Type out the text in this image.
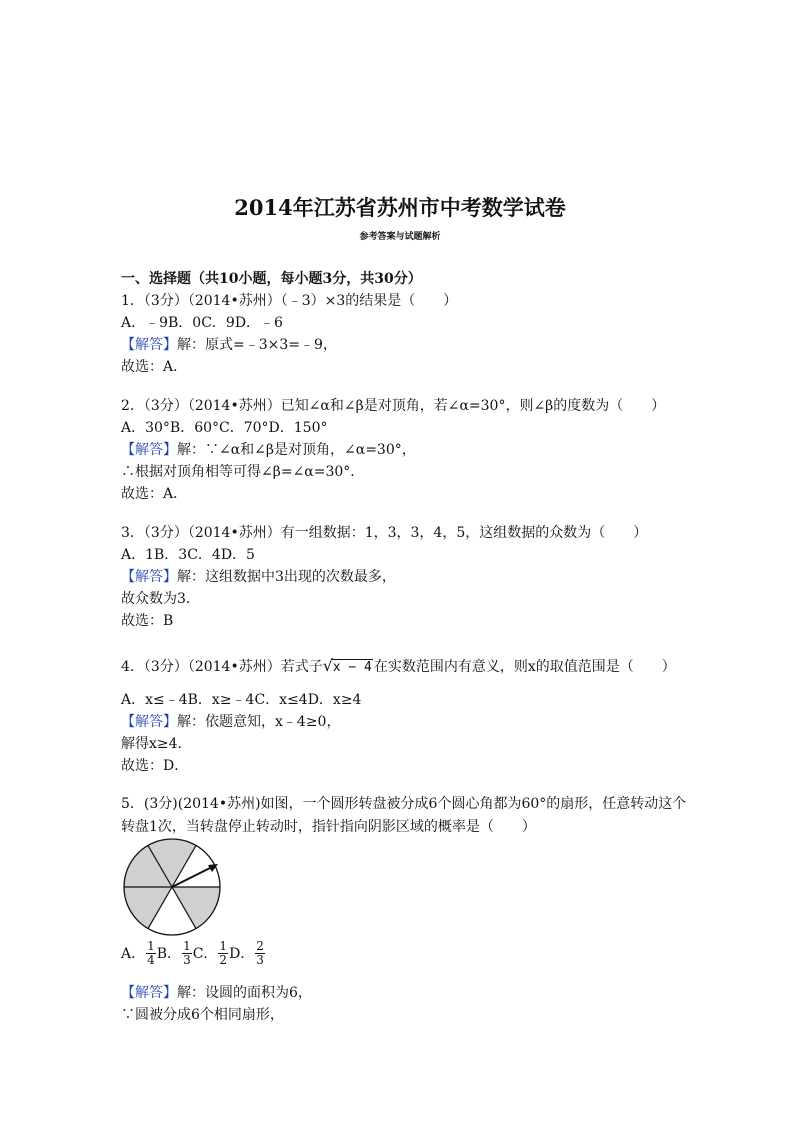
2014年江苏省苏州市中考数学试卷
参考答案与试题解析
一、选择题（共10小题，每小题3分，共30分）
1．（3分）（2014•苏州）（﹣3）×3的结果是（　　）
A．﹣9B．0C．9D．﹣6
【解答】解：原式=﹣3×3=﹣9，
故选：A．
2．（3分）（2014•苏州）已知∠α和∠β是对顶角，若∠α=30°，则∠β的度数为（　　）
A．30°B．60°C．70°D．150°
【解答】解：∵∠α和∠β是对顶角，∠α=30°，
∴根据对顶角相等可得∠β=∠α=30°．
故选：A．
3．（3分）（2014•苏州）有一组数据：1，3，3，4，5，这组数据的众数为（　　）
A．1B．3C．4D．5
【解答】解：这组数据中3出现的次数最多，
故众数为3．
故选：B
4．（3分）（2014•苏州）若式子 √ x − 4 在实数范围内有意义，则x的取值范围是（　　）
A．x≤﹣4B．x≥﹣4C．x≤4D．x≥4
【解答】解：依题意知，x﹣4≥0，
解得x≥4．
故选：D．
5．(3分)(2014•苏州)如图，一个圆形转盘被分成6个圆心角都为60°的扇形，任意转动这个
转盘1次，当转盘停止转动时，指针指向阴影区域的概率是（　　）
A． $\frac{1}{4}$ B． $\frac{1}{3}$ C． $\frac{1}{2}$ D． $\frac{2}{3}$
【解答】解：设圆的面积为6，
∵圆被分成6个相同扇形，
